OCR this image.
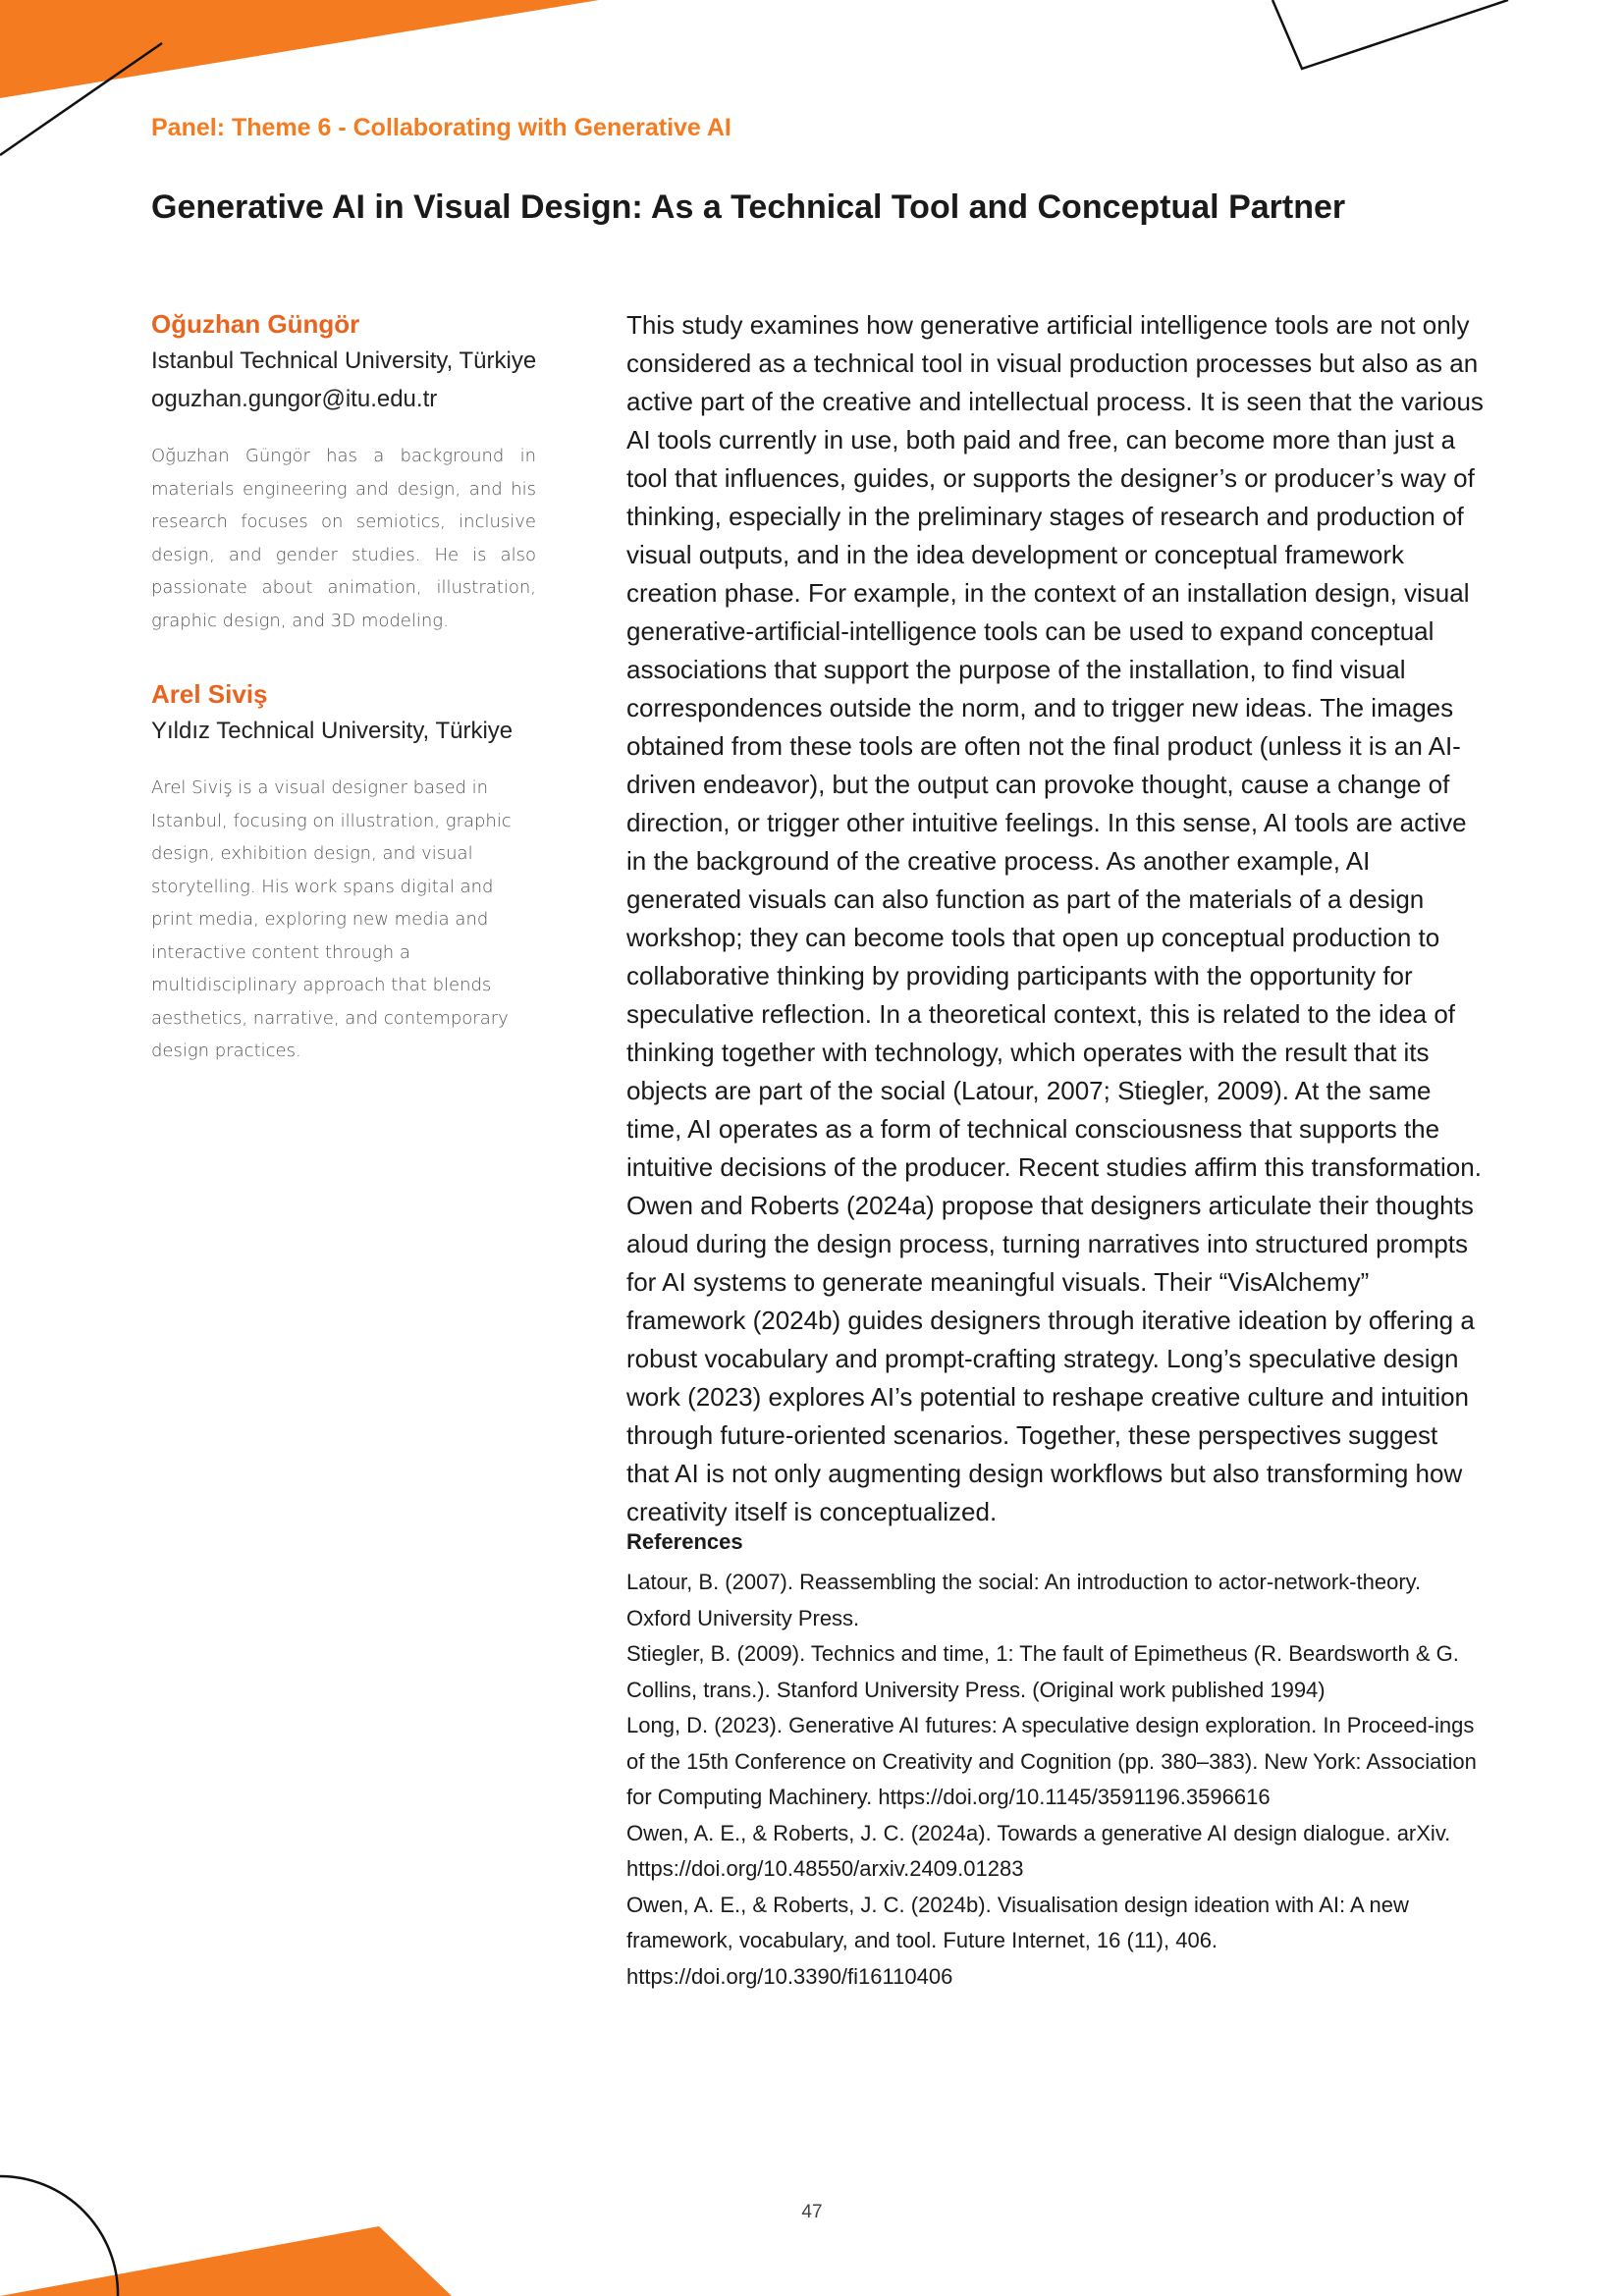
Panel: Theme 6 - Collaborating with Generative AI
Generative AI in Visual Design: As a Technical Tool and Conceptual Partner
Oğuzhan Güngör
Istanbul Technical University, Türkiye
oguzhan.gungor@itu.edu.tr
Oğuzhan Güngör has a background in materials engineering and design, and his research focuses on semiotics, inclusive design, and gender studies. He is also passionate about animation, illustration, graphic design, and 3D modeling.
Arel Siviş
Yıldız Technical University, Türkiye
Arel Siviş is a visual designer based in Istanbul, focusing on illustration, graphic design, exhibition design, and visual storytelling. His work spans digital and print media, exploring new media and interactive content through a multidisciplinary approach that blends aesthetics, narrative, and contemporary design practices.
This study examines how generative artificial intelligence tools are not only considered as a technical tool in visual production processes but also as an active part of the creative and intellectual process. It is seen that the various AI tools currently in use, both paid and free, can become more than just a tool that influences, guides, or supports the designer’s or producer’s way of thinking, especially in the preliminary stages of research and production of visual outputs, and in the idea development or conceptual framework creation phase. For example, in the context of an installation design, visual generative-artificial-intelligence tools can be used to expand conceptual associations that support the purpose of the installation, to find visual correspondences outside the norm, and to trigger new ideas. The images obtained from these tools are often not the final product (unless it is an AI-driven endeavor), but the output can provoke thought, cause a change of direction, or trigger other intuitive feelings. In this sense, AI tools are active in the background of the creative process. As another example, AI generated visuals can also function as part of the materials of a design workshop; they can become tools that open up conceptual production to collaborative thinking by providing participants with the opportunity for speculative reflection. In a theoretical context, this is related to the idea of thinking together with technology, which operates with the result that its objects are part of the social (Latour, 2007; Stiegler, 2009). At the same time, AI operates as a form of technical consciousness that supports the intuitive decisions of the producer. Recent studies affirm this transformation. Owen and Roberts (2024a) propose that designers articulate their thoughts aloud during the design process, turning narratives into structured prompts for AI systems to generate meaningful visuals. Their “VisAlchemy” framework (2024b) guides designers through iterative ideation by offering a robust vocabulary and prompt-crafting strategy. Long’s speculative design work (2023) explores AI’s potential to reshape creative culture and intuition through future-oriented scenarios. Together, these perspectives suggest that AI is not only augmenting design workflows but also transforming how creativity itself is conceptualized.
References
Latour, B. (2007). Reassembling the social: An introduction to actor-network-theory. Oxford University Press.
Stiegler, B. (2009). Technics and time, 1: The fault of Epimetheus (R. Beardsworth & G. Collins, trans.). Stanford University Press. (Original work published 1994)
Long, D. (2023). Generative AI futures: A speculative design exploration. In Proceed-ings of the 15th Conference on Creativity and Cognition (pp. 380–383). New York: Association for Computing Machinery. https://doi.org/10.1145/3591196.3596616
Owen, A. E., & Roberts, J. C. (2024a). Towards a generative AI design dialogue. arXiv. https://doi.org/10.48550/arxiv.2409.01283
Owen, A. E., & Roberts, J. C. (2024b). Visualisation design ideation with AI: A new framework, vocabulary, and tool. Future Internet, 16 (11), 406. https://doi.org/10.3390/fi16110406
47
